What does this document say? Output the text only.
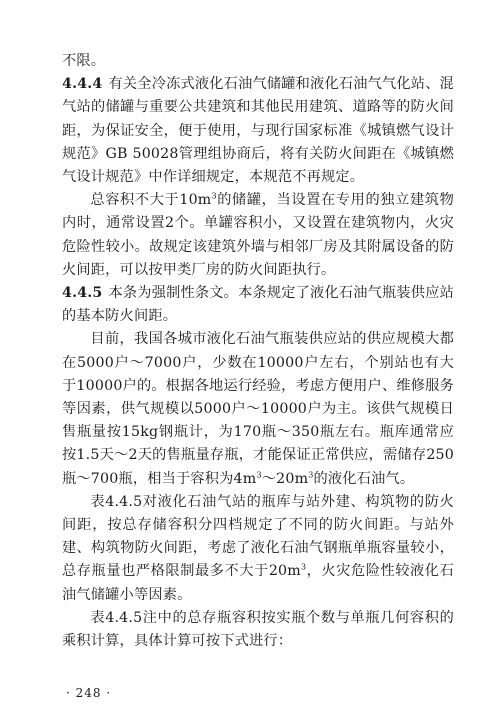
不限。

4.4.4 有关全冷冻式液化石油气储罐和液化石油气气化站、混气站的储罐与重要公共建筑和其他民用建筑、道路等的防火间距，为保证安全，便于使用，与现行国家标准《城镇燃气设计规范》GB 50028管理组协商后，将有关防火间距在《城镇燃气设计规范》中作详细规定，本规范不再规定。

总容积不大于$10m^3$的储罐，当设置在专用的独立建筑物内时，通常设置2个。单罐容积小，又设置在建筑物内，火灾危险性较小。故规定该建筑外墙与相邻厂房及其附属设备的防火间距，可以按甲类厂房的防火间距执行。

4.4.5 本条为强制性条文。本条规定了液化石油气瓶装供应站的基本防火间距。

目前，我国各城市液化石油气瓶装供应站的供应规模大都在5000户～7000户，少数在10000户左右，个别站也有大于10000户的。根据各地运行经验，考虑方便用户、维修服务等因素，供气规模以5000户～10000户为主。该供气规模日售瓶量按15kg钢瓶计，为170瓶～350瓶左右。瓶库通常应按1.5天～2天的售瓶量存瓶，才能保证正常供应，需储存250瓶～700瓶，相当于容积为$4m^3\sim 20m^3$的液化石油气。

表4.4.5对液化石油气站的瓶库与站外建、构筑物的防火间距，按总存储容积分四档规定了不同的防火间距。与站外建、构筑物防火间距，考虑了液化石油气钢瓶单瓶容量较小，总存瓶量也严格限制最多不大于$20m^3$，火灾危险性较液化石油气储罐小等因素。

表4.4.5注中的总存瓶容积按实瓶个数与单瓶几何容积的乘积计算，具体计算可按下式进行：

· 248 ·
